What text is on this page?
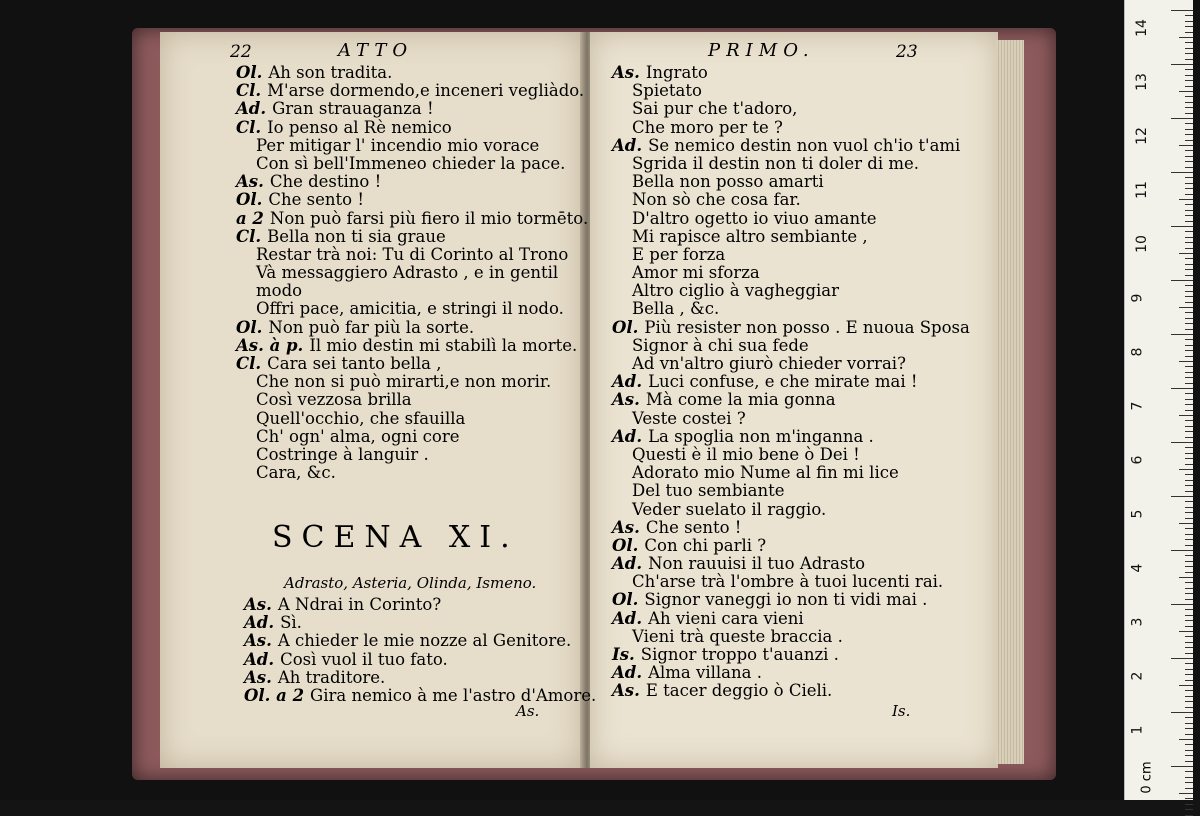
22	ATTO
Ol. Ah son tradita.
Cl. M'arse dormendo,e inceneri vegliàdo.
Ad. Gran strauaganza !
Cl. Io penso al Rè nemico
Per mitigar l' incendio mio vorace
Con sì bell'Immeneo chieder la pace.
As. Che destino !
Ol. Che sento !
a 2 Non può farsi più fiero il mio tormēto.
Cl. Bella non ti sia graue
Restar trà noi: Tu di Corinto al Trono
Và messaggiero Adrasto , e in gentil
modo
Offri pace, amicitia, e stringi il nodo.
Ol. Non può far più la sorte.
As. à p. Il mio destin mi stabilì la morte.
Cl. Cara sei tanto bella ,
Che non si può mirarti,e non morir.
Così vezzosa brilla
Quell'occhio, che sfauilla
Ch' ogn' alma, ogni core
Costringe à languir .
Cara, &c.
SCENA XI.
Adrasto, Asteria, Olinda, Ismeno.
As. A Ndrai in Corinto?
Ad. Sì.
As. A chieder le mie nozze al Genitore.
Ad. Così vuol il tuo fato.
As. Ah traditore.
Ol. a 2 Gira nemico à me l'astro d'Amore.
As.
PRIMO.	23
As. Ingrato
Spietato
Sai pur che t'adoro,
Che moro per te ?
Ad. Se nemico destin non vuol ch'io t'ami
Sgrida il destin non ti doler di me.
Bella non posso amarti
Non sò che cosa far.
D'altro ogetto io viuo amante
Mi rapisce altro sembiante ,
E per forza
Amor mi sforza
Altro ciglio à vagheggiar
Bella , &c.
Ol. Più resister non posso . E nuoua Sposa
Signor à chi sua fede
Ad vn'altro giurò chieder vorrai?
Ad. Luci confuse, e che mirate mai !
As. Mà come la mia gonna
Veste costei ?
Ad. La spoglia non m'inganna .
Questi è il mio bene ò Dei !
Adorato mio Nume al fin mi lice
Del tuo sembiante
Veder suelato il raggio.
As. Che sento !
Ol. Con chi parli ?
Ad. Non rauuisi il tuo Adrasto
Ch'arse trà l'ombre à tuoi lucenti rai.
Ol. Signor vaneggi io non ti vidi mai .
Ad. Ah vieni cara vieni
Vieni trà queste braccia .
Is. Signor troppo t'auanzi .
Ad. Alma villana .
As. E tacer deggio ò Cieli.
Is.
0 cm
14
13
12
11
10
9
8
7
6
5
4
3
2
1
